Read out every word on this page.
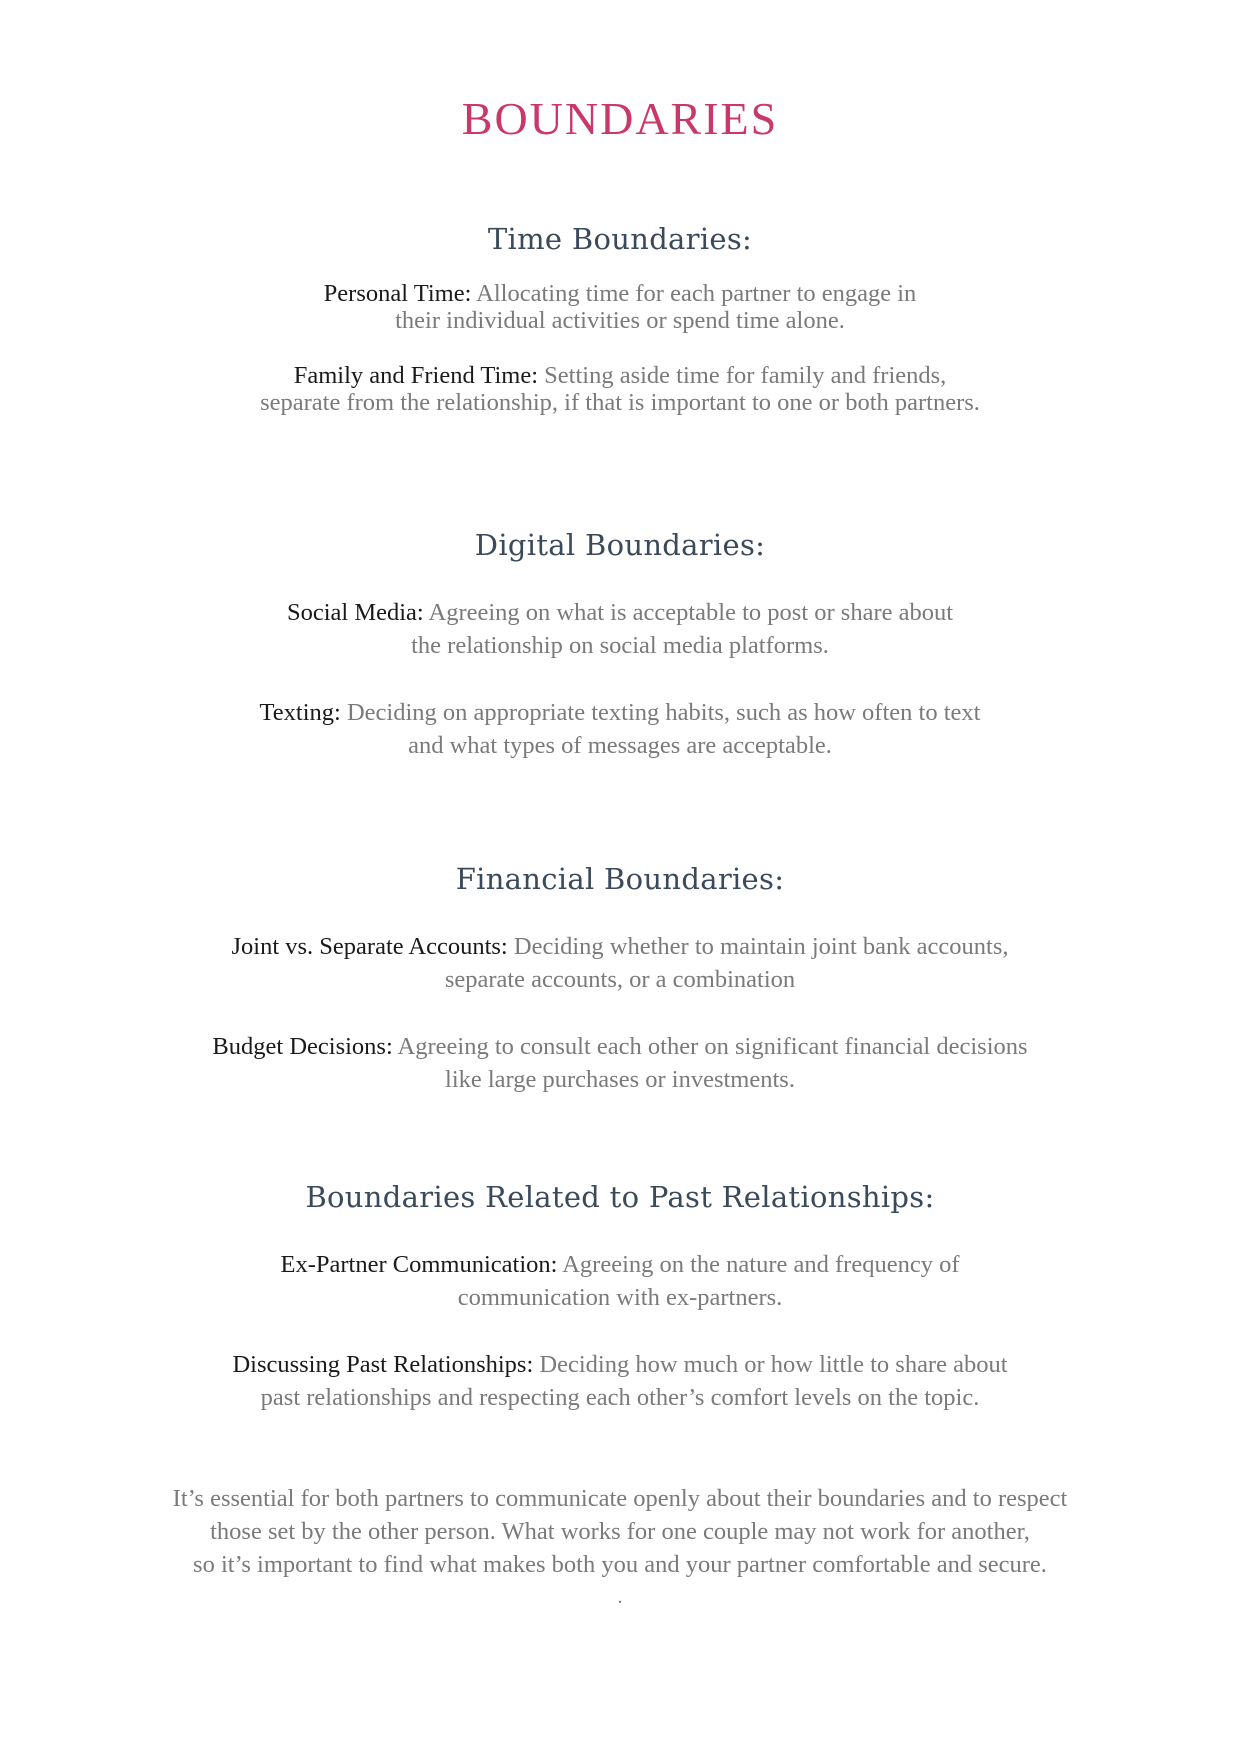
BOUNDARIES
Time Boundaries:

Personal Time: Allocating time for each partner to engage in
their individual activities or spend time alone.

Family and Friend Time: Setting aside time for family and friends,
separate from the relationship, if that is important to one or both partners.

Digital Boundaries:

Social Media: Agreeing on what is acceptable to post or share about
the relationship on social media platforms.

Texting: Deciding on appropriate texting habits, such as how often to text
and what types of messages are acceptable.

Financial Boundaries:

Joint vs. Separate Accounts: Deciding whether to maintain joint bank accounts,
separate accounts, or a combination

Budget Decisions: Agreeing to consult each other on significant financial decisions
like large purchases or investments.

Boundaries Related to Past Relationships:

Ex-Partner Communication: Agreeing on the nature and frequency of
communication with ex-partners.

Discussing Past Relationships: Deciding how much or how little to share about
past relationships and respecting each other’s comfort levels on the topic.

It’s essential for both partners to communicate openly about their boundaries and to respect
those set by the other person. What works for one couple may not work for another,
so it’s important to find what makes both you and your partner comfortable and secure.

.
